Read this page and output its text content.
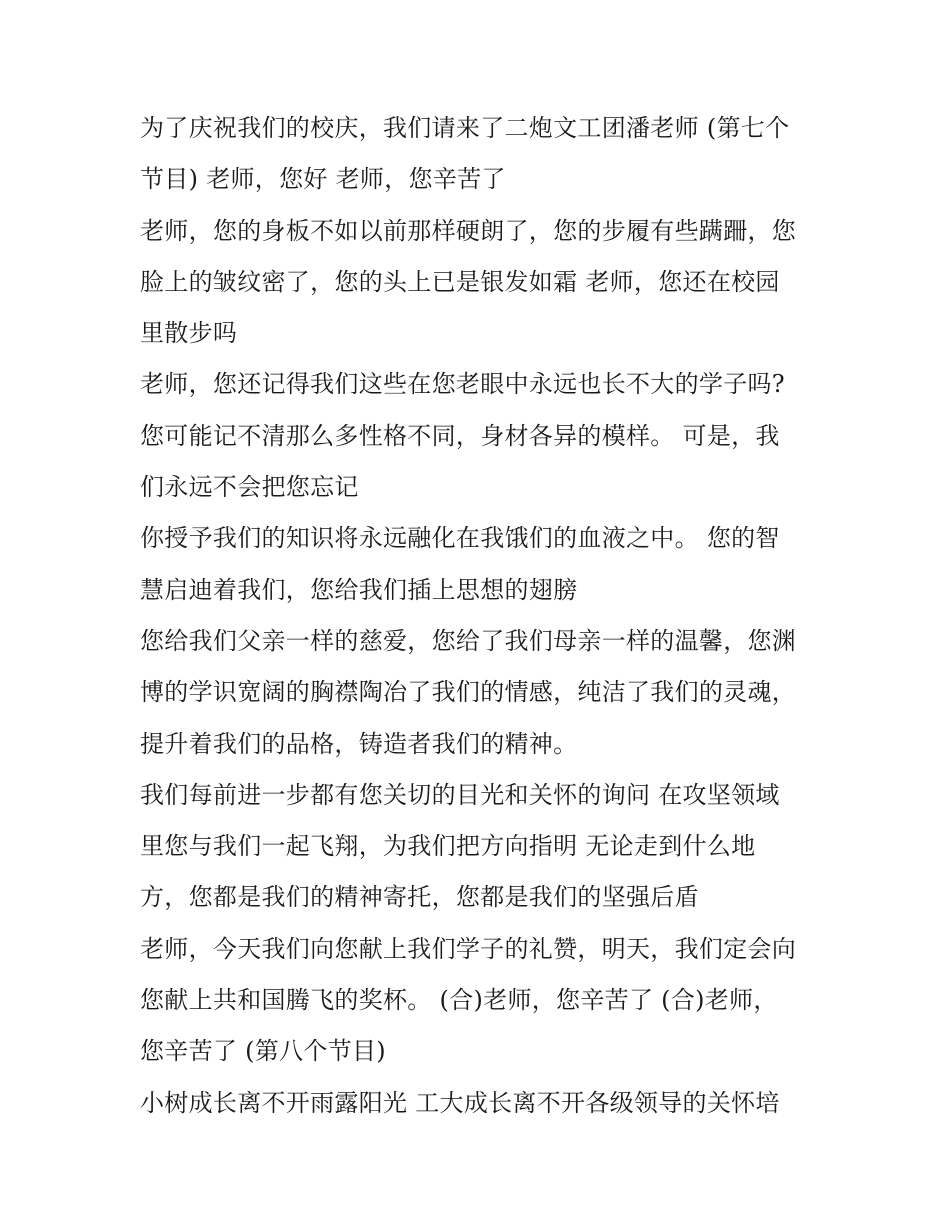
为了庆祝我们的校庆，我们请来了二炮文工团潘老师 (第七个
节目) 老师，您好 老师，您辛苦了
老师，您的身板不如以前那样硬朗了，您的步履有些蹒跚，您
脸上的皱纹密了，您的头上已是银发如霜 老师，您还在校园
里散步吗
老师，您还记得我们这些在您老眼中永远也长不大的学子吗?
您可能记不清那么多性格不同，身材各异的模样。 可是，我
们永远不会把您忘记
你授予我们的知识将永远融化在我饿们的血液之中。 您的智
慧启迪着我们，您给我们插上思想的翅膀
您给我们父亲一样的慈爱，您给了我们母亲一样的温馨，您渊
博的学识宽阔的胸襟陶冶了我们的情感，纯洁了我们的灵魂，
提升着我们的品格，铸造者我们的精神。
我们每前进一步都有您关切的目光和关怀的询问 在攻坚领域
里您与我们一起飞翔，为我们把方向指明 无论走到什么地
方，您都是我们的精神寄托，您都是我们的坚强后盾
老师，今天我们向您献上我们学子的礼赞，明天，我们定会向
您献上共和国腾飞的奖杯。 (合)老师，您辛苦了 (合)老师，
您辛苦了 (第八个节目)
小树成长离不开雨露阳光 工大成长离不开各级领导的关怀培
